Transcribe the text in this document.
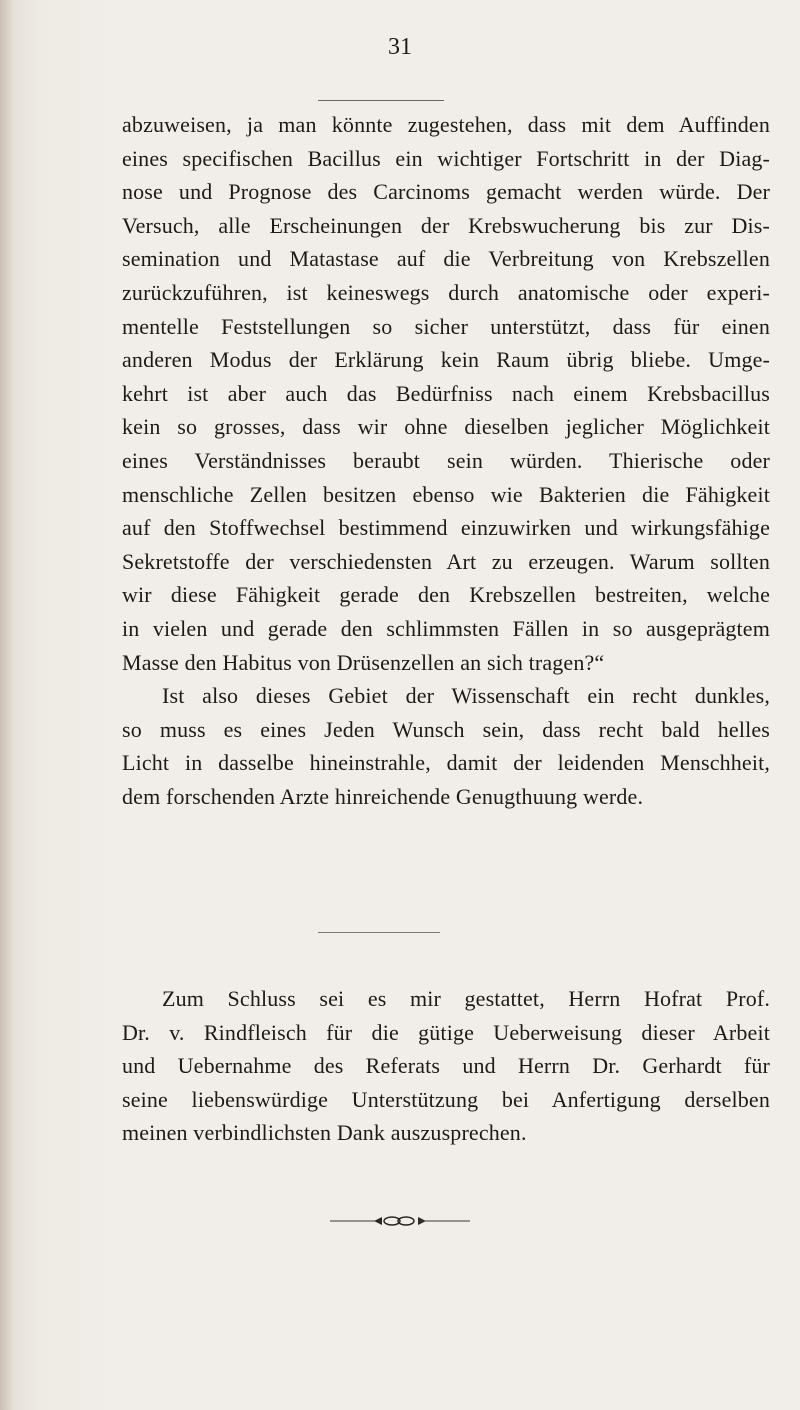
31
abzuweisen, ja man könnte zugestehen, dass mit dem Auffinden
eines specifischen Bacillus ein wichtiger Fortschritt in der Diag-
nose und Prognose des Carcinoms gemacht werden würde. Der
Versuch, alle Erscheinungen der Krebswucherung bis zur Dis-
semination und Matastase auf die Verbreitung von Krebszellen
zurückzuführen, ist keineswegs durch anatomische oder experi-
mentelle Feststellungen so sicher unterstützt, dass für einen
anderen Modus der Erklärung kein Raum übrig bliebe. Umge-
kehrt ist aber auch das Bedürfniss nach einem Krebsbacillus
kein so grosses, dass wir ohne dieselben jeglicher Möglichkeit
eines Verständnisses beraubt sein würden. Thierische oder
menschliche Zellen besitzen ebenso wie Bakterien die Fähigkeit
auf den Stoffwechsel bestimmend einzuwirken und wirkungsfähige
Sekretstoffe der verschiedensten Art zu erzeugen. Warum sollten
wir diese Fähigkeit gerade den Krebszellen bestreiten, welche
in vielen und gerade den schlimmsten Fällen in so ausgeprägtem
Masse den Habitus von Drüsenzellen an sich tragen?“
Ist also dieses Gebiet der Wissenschaft ein recht dunkles,
so muss es eines Jeden Wunsch sein, dass recht bald helles
Licht in dasselbe hineinstrahle, damit der leidenden Menschheit,
dem forschenden Arzte hinreichende Genugthuung werde.
Zum Schluss sei es mir gestattet, Herrn Hofrat Prof.
Dr. v. Rindfleisch für die gütige Ueberweisung dieser Arbeit
und Uebernahme des Referats und Herrn Dr. Gerhardt für
seine liebenswürdige Unterstützung bei Anfertigung derselben
meinen verbindlichsten Dank auszusprechen.
